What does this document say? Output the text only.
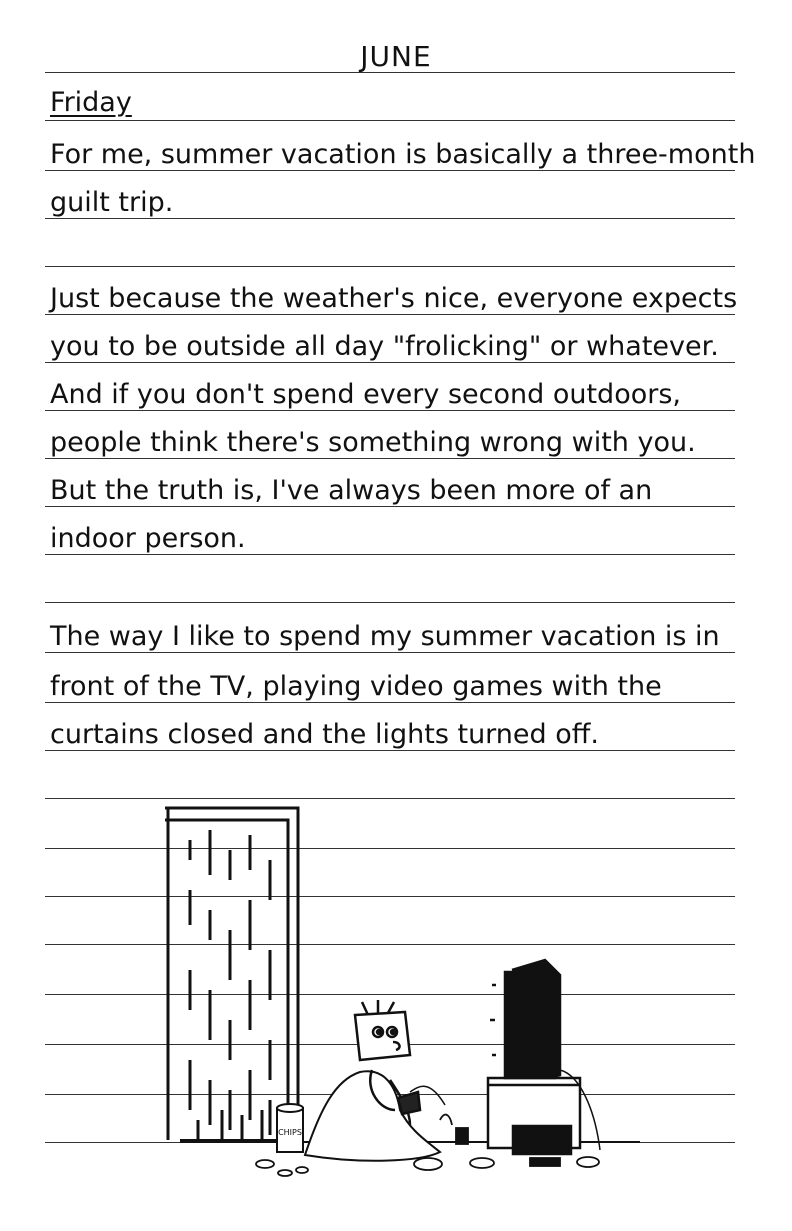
JUNE
Friday
For me, summer vacation is basically a three-month
guilt trip.
Just because the weather's nice, everyone expects
you to be outside all day "frolicking" or whatever.
And if you don't spend every second outdoors,
people think there's something wrong with you.
But the truth is, I've always been more of an
indoor person.
The way I like to spend my summer vacation is in
front of the TV, playing video games with the
curtains closed and the lights turned off.
CHIPS
